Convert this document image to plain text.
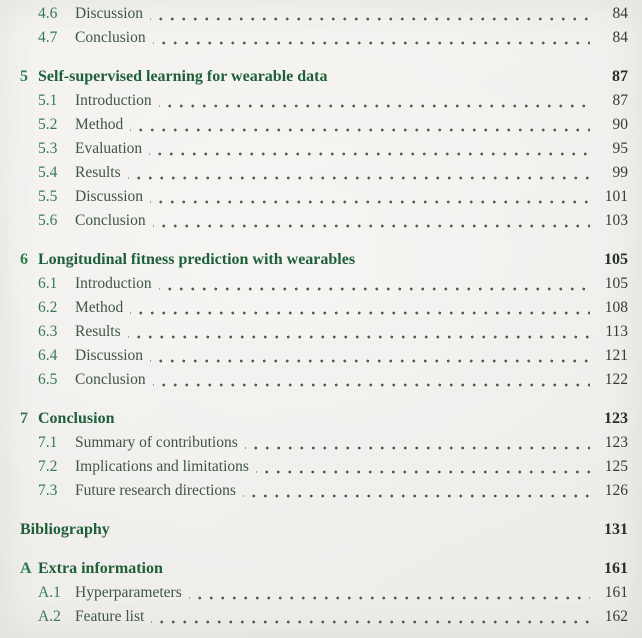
4.6	Discussion	84
4.7	Conclusion	84
5 Self-supervised learning for wearable data	87
5.1	Introduction	87
5.2	Method	90
5.3	Evaluation	95
5.4	Results	99
5.5	Discussion	101
5.6	Conclusion	103
6 Longitudinal fitness prediction with wearables	105
6.1	Introduction	105
6.2	Method	108
6.3	Results	113
6.4	Discussion	121
6.5	Conclusion	122
7 Conclusion	123
7.1	Summary of contributions	123
7.2	Implications and limitations	125
7.3	Future research directions	126
Bibliography	131
A Extra information	161
A.1 Hyperparameters	161
A.2 Feature list	162
